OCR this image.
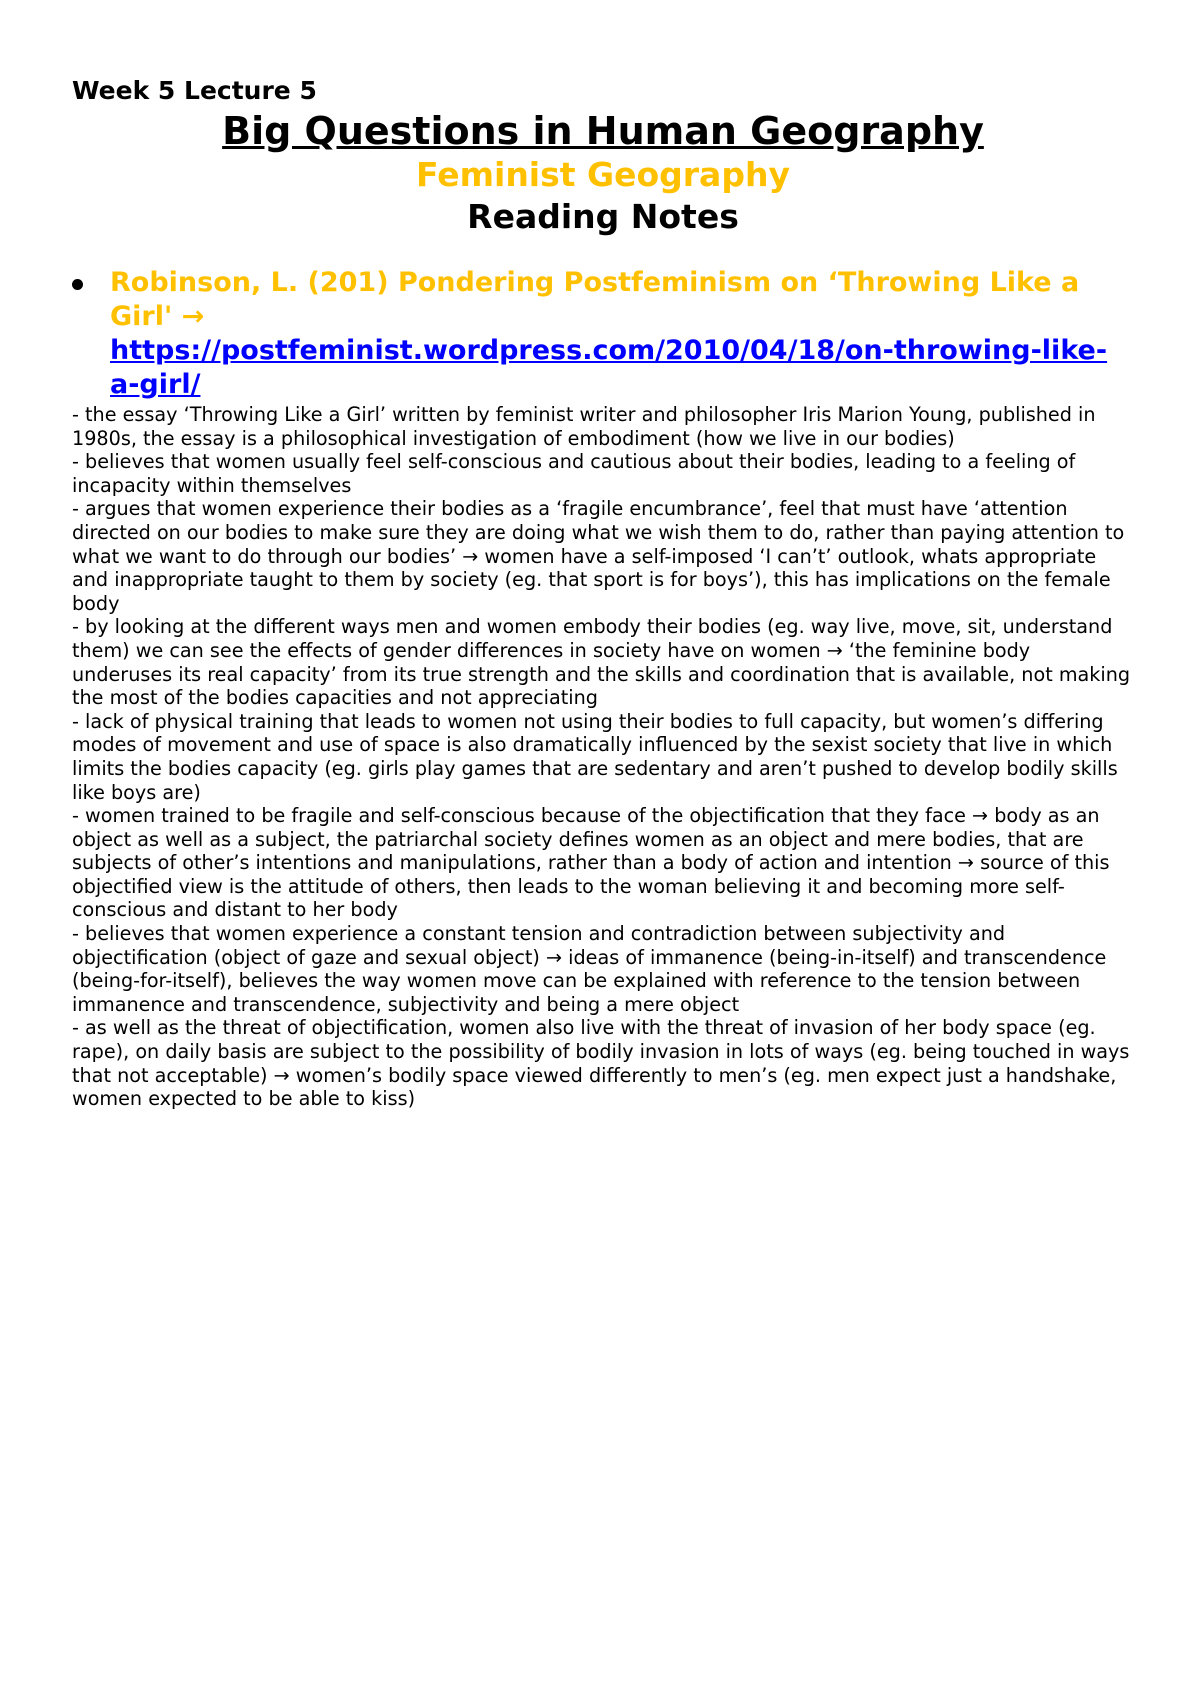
Week 5 Lecture 5

Big Questions in Human Geography

Feminist Geography

Reading Notes

Robinson, L. (201) Pondering Postfeminism on ‘Throwing Like a Girl' →
https://postfeminist.wordpress.com/2010/04/18/on-throwing-like-a-girl/

- the essay ‘Throwing Like a Girl’ written by feminist writer and philosopher Iris Marion Young, published in 1980s, the essay is a philosophical investigation of embodiment (how we live in our bodies)

- believes that women usually feel self-conscious and cautious about their bodies, leading to a feeling of incapacity within themselves

- argues that women experience their bodies as a ‘fragile encumbrance’, feel that must have ‘attention directed on our bodies to make sure they are doing what we wish them to do, rather than paying attention to what we want to do through our bodies’ → women have a self-imposed ‘I can’t’ outlook, whats appropriate and inappropriate taught to them by society (eg. that sport is for boys’), this has implications on the female body

- by looking at the different ways men and women embody their bodies (eg. way live, move, sit, understand them) we can see the effects of gender differences in society have on women → ‘the feminine body underuses its real capacity’ from its true strength and the skills and coordination that is available, not making the most of the bodies capacities and not appreciating

- lack of physical training that leads to women not using their bodies to full capacity, but women’s differing modes of movement and use of space is also dramatically influenced by the sexist society that live in which limits the bodies capacity (eg. girls play games that are sedentary and aren’t pushed to develop bodily skills like boys are)

- women trained to be fragile and self-conscious because of the objectification that they face → body as an object as well as a subject, the patriarchal society defines women as an object and mere bodies, that are subjects of other’s intentions and manipulations, rather than a body of action and intention → source of this objectified view is the attitude of others, then leads to the woman believing it and becoming more self-conscious and distant to her body

- believes that women experience a constant tension and contradiction between subjectivity and objectification (object of gaze and sexual object) → ideas of immanence (being-in-itself) and transcendence (being-for-itself), believes the way women move can be explained with reference to the tension between immanence and transcendence, subjectivity and being a mere object

- as well as the threat of objectification, women also live with the threat of invasion of her body space (eg. rape), on daily basis are subject to the possibility of bodily invasion in lots of ways (eg. being touched in ways that not acceptable) → women’s bodily space viewed differently to men’s (eg. men expect just a handshake, women expected to be able to kiss)
